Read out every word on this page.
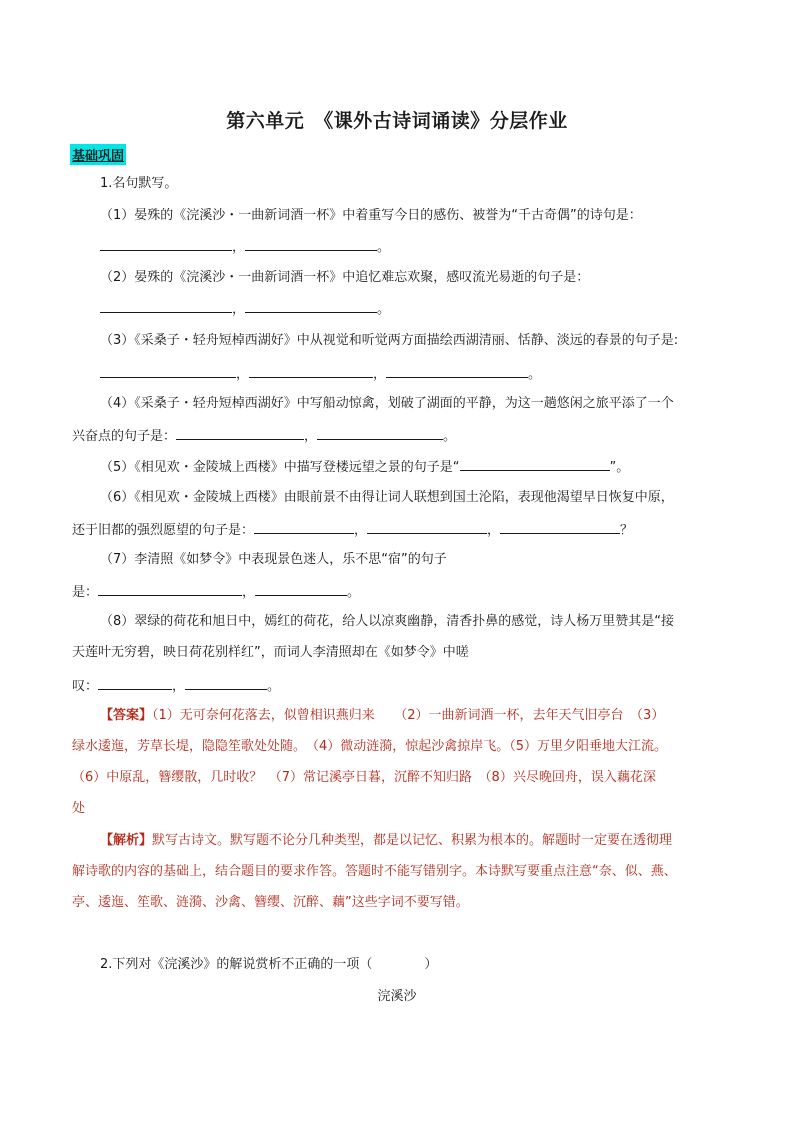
第六单元　《课外古诗词诵读》分层作业
基础巩固
1.名句默写。
（1）晏殊的《浣溪沙・一曲新词酒一杯》中着重写今日的感伤、被誉为“千古奇偶”的诗句是：
，	。
（2）晏殊的《浣溪沙・一曲新词酒一杯》中追忆难忘欢聚，感叹流光易逝的句子是：
，	。
（3）《采桑子・轻舟短棹西湖好》中从视觉和听觉两方面描绘西湖清丽、恬静、淡远的春景的句子是:
，	，	。
（4）《采桑子・轻舟短棹西湖好》中写船动惊禽，划破了湖面的平静，为这一趟悠闲之旅平添了一个
兴奋点的句子是：	，	。
（5）《相见欢・金陵城上西楼》中描写登楼远望之景的句子是“	”。
（6）《相见欢・金陵城上西楼》由眼前景不由得让词人联想到国土沦陷，表现他渴望早日恢复中原，
还于旧都的强烈愿望的句子是：	，	，	？
（7）李清照《如梦令》中表现景色迷人，乐不思“宿”的句子
是：	，	。
（8）翠绿的荷花和旭日中，嫣红的荷花，给人以凉爽幽静，清香扑鼻的感觉，诗人杨万里赞其是“接
天莲叶无穷碧，映日荷花别样红”，而词人李清照却在《如梦令》中嗟
叹：	，	。
【答案】（1）无可奈何花落去，似曾相识燕归来　　（2）一曲新词酒一杯，去年天气旧亭台　（3）
绿水逶迤，芳草长堤，隐隐笙歌处处随。　（4）微动涟漪，惊起沙禽掠岸飞。（5）万里夕阳垂地大江流。
（6）中原乱，簪缨散，几时收？　（7）常记溪亭日暮，沉醉不知归路　（8）兴尽晚回舟，误入藕花深
处
【解析】默写古诗文。默写题不论分几种类型，都是以记忆、积累为根本的。解题时一定要在透彻理
解诗歌的内容的基础上，结合题目的要求作答。答题时不能写错别字。本诗默写要重点注意“奈、似、燕、
亭、逶迤、笙歌、涟漪、沙禽、簪缨、沉醉、藕”这些字词不要写错。
2.下列对《浣溪沙》的解说赏析不正确的一项（　　　　）
浣溪沙
